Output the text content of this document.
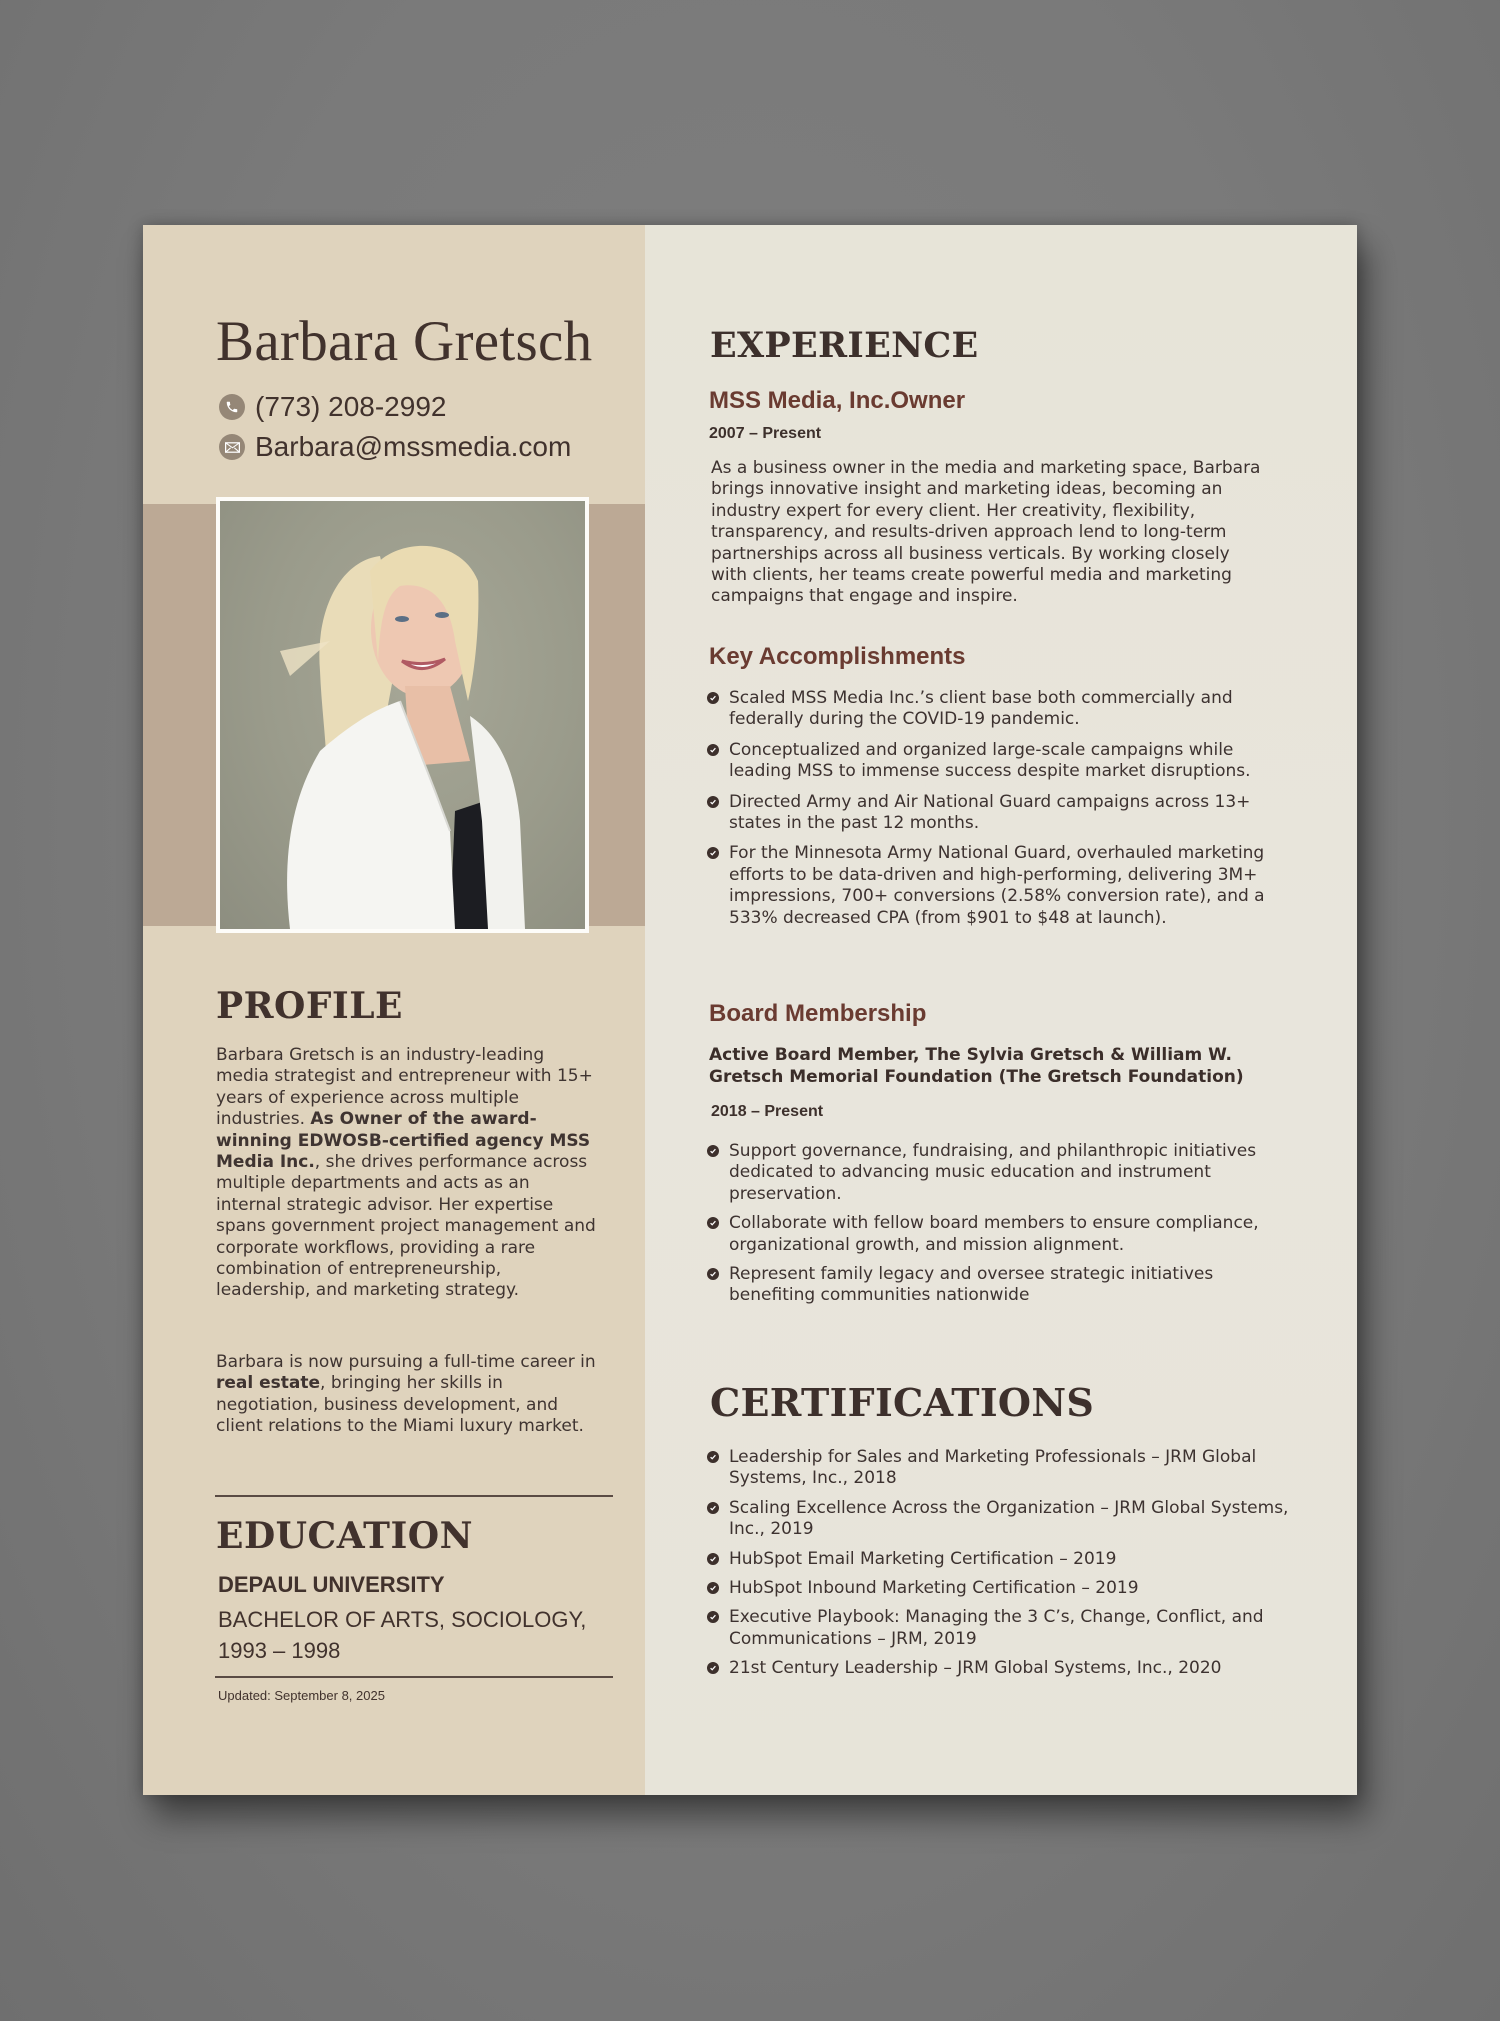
Barbara Gretsch
(773) 208-2992
Barbara@mssmedia.com
PROFILE

Barbara Gretsch is an industry-leading media strategist and entrepreneur with 15+ years of experience across multiple industries. As Owner of the award-winning EDWOSB-certified agency MSS Media Inc., she drives performance across multiple departments and acts as an internal strategic advisor. Her expertise spans government project management and corporate workflows, providing a rare combination of entrepreneurship, leadership, and marketing strategy.

Barbara is now pursuing a full-time career in real estate, bringing her skills in negotiation, business development, and client relations to the Miami luxury market.

EDUCATION
DEPAUL UNIVERSITY
BACHELOR OF ARTS, SOCIOLOGY, 1993 – 1998
Updated: September 8, 2025
EXPERIENCE
MSS Media, Inc.Owner
2007 – Present

As a business owner in the media and marketing space, Barbara brings innovative insight and marketing ideas, becoming an industry expert for every client. Her creativity, flexibility, transparency, and results-driven approach lend to long-term partnerships across all business verticals. By working closely with clients, her teams create powerful media and marketing campaigns that engage and inspire.

Key Accomplishments
Scaled MSS Media Inc.’s client base both commercially and federally during the COVID-19 pandemic.
Conceptualized and organized large-scale campaigns while leading MSS to immense success despite market disruptions.
Directed Army and Air National Guard campaigns across 13+ states in the past 12 months.
For the Minnesota Army National Guard, overhauled marketing efforts to be data-driven and high-performing, delivering 3M+ impressions, 700+ conversions (2.58% conversion rate), and a 533% decreased CPA (from $901 to $48 at launch).
Board Membership
Active Board Member, The Sylvia Gretsch & William W. Gretsch Memorial Foundation (The Gretsch Foundation)
2018 – Present
Support governance, fundraising, and philanthropic initiatives dedicated to advancing music education and instrument preservation.
Collaborate with fellow board members to ensure compliance, organizational growth, and mission alignment.
Represent family legacy and oversee strategic initiatives benefiting communities nationwide
CERTIFICATIONS
Leadership for Sales and Marketing Professionals – JRM Global Systems, Inc., 2018
Scaling Excellence Across the Organization – JRM Global Systems, Inc., 2019
HubSpot Email Marketing Certification – 2019
HubSpot Inbound Marketing Certification – 2019
Executive Playbook: Managing the 3 C’s, Change, Conflict, and Communications – JRM, 2019
21st Century Leadership – JRM Global Systems, Inc., 2020
